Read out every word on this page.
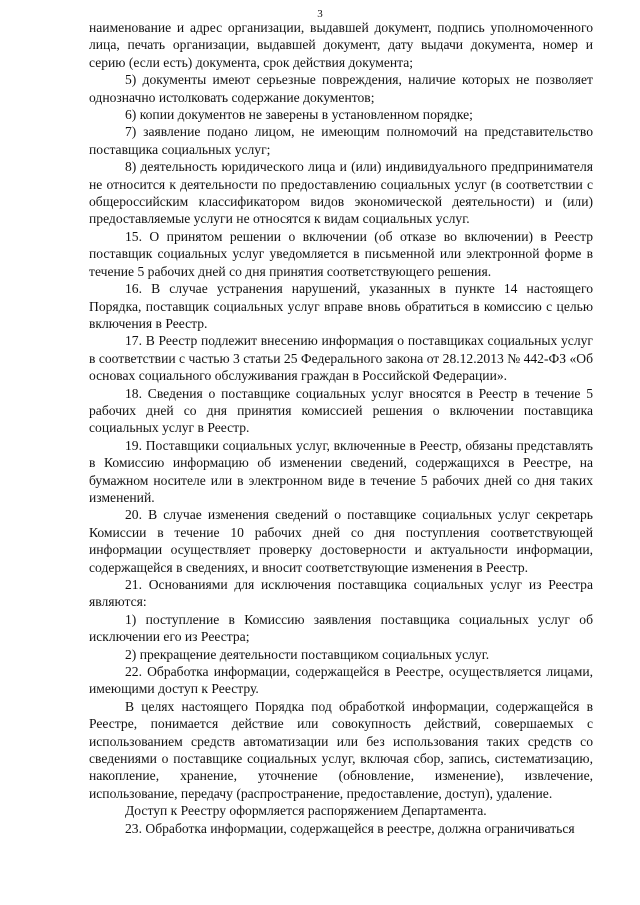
3

наименование и адрес организации, выдавшей документ, подпись уполномоченного лица, печать организации, выдавшей документ, дату выдачи документа, номер и серию (если есть) документа, срок действия документа;

5) документы имеют серьезные повреждения, наличие которых не позволяет однозначно истолковать содержание документов;

6) копии документов не заверены в установленном порядке;

7) заявление подано лицом, не имеющим полномочий на представительство поставщика социальных услуг;

8) деятельность юридического лица и (или) индивидуального предпринимателя не относится к деятельности по предоставлению социальных услуг (в соответствии с общероссийским классификатором видов экономической деятельности) и (или) предоставляемые услуги не относятся к видам социальных услуг.

15. О принятом решении о включении (об отказе во включении) в Реестр поставщик социальных услуг уведомляется в письменной или электронной форме в течение 5 рабочих дней со дня принятия соответствующего решения.

16. В случае устранения нарушений, указанных в пункте 14 настоящего Порядка, поставщик социальных услуг вправе вновь обратиться в комиссию с целью включения в Реестр.

17. В Реестр подлежит внесению информация о поставщиках социальных услуг в соответствии с частью 3 статьи 25 Федерального закона от 28.12.2013 № 442-ФЗ «Об основах социального обслуживания граждан в Российской Федерации».

18. Сведения о поставщике социальных услуг вносятся в Реестр в течение 5 рабочих дней со дня принятия комиссией решения о включении поставщика социальных услуг в Реестр.

19. Поставщики социальных услуг, включенные в Реестр, обязаны представлять в Комиссию информацию об изменении сведений, содержащихся в Реестре, на бумажном носителе или в электронном виде в течение 5 рабочих дней со дня таких изменений.

20. В случае изменения сведений о поставщике социальных услуг секретарь Комиссии в течение 10 рабочих дней со дня поступления соответствующей информации осуществляет проверку достоверности и актуальности информации, содержащейся в сведениях, и вносит соответствующие изменения в Реестр.

21. Основаниями для исключения поставщика социальных услуг из Реестра являются:

1) поступление в Комиссию заявления поставщика социальных услуг об исключении его из Реестра;

2) прекращение деятельности поставщиком социальных услуг.

22. Обработка информации, содержащейся в Реестре, осуществляется лицами, имеющими доступ к Реестру.

В целях настоящего Порядка под обработкой информации, содержащейся в Реестре, понимается действие или совокупность действий, совершаемых с использованием средств автоматизации или без использования таких средств со сведениями о поставщике социальных услуг, включая сбор, запись, систематизацию, накопление, хранение, уточнение (обновление, изменение), извлечение, использование, передачу (распространение, предоставление, доступ), удаление.

Доступ к Реестру оформляется распоряжением Департамента.

23. Обработка информации, содержащейся в реестре, должна ограничиваться
